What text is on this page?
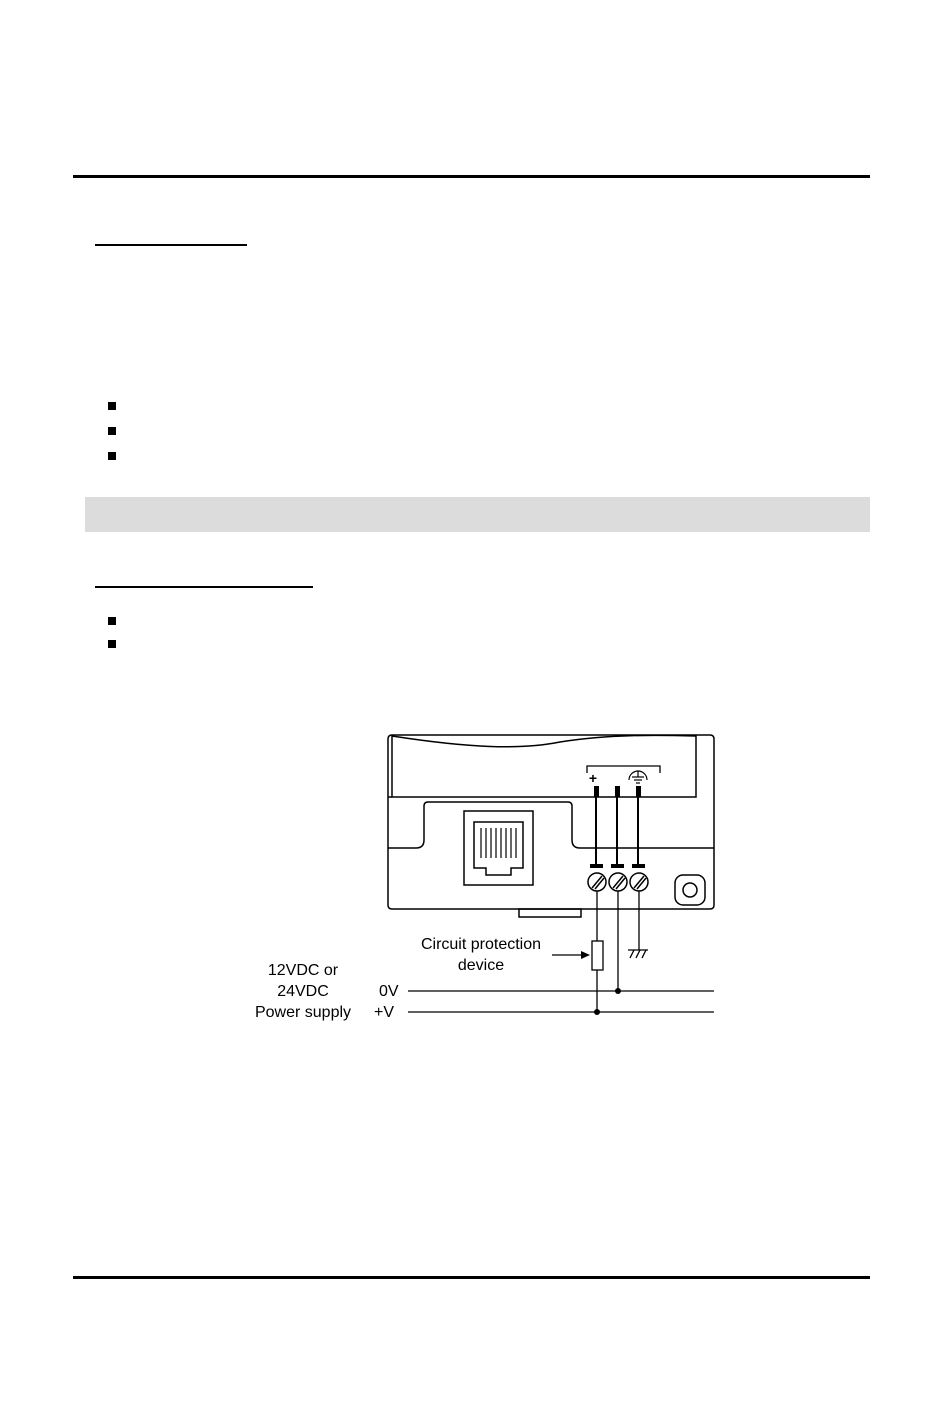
+
Circuit protection
device
12VDC or
24VDC
Power supply
0V
+V
